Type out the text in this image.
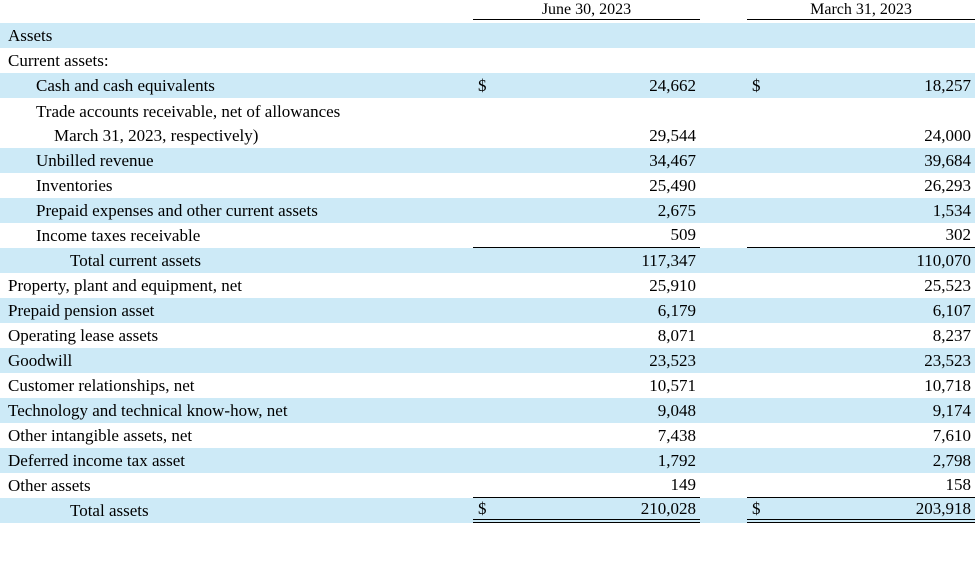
June 30, 2023	March 31, 2023
Assets
Current assets:
Cash and cash equivalents	$	24,662	$	18,257
Trade accounts receivable, net of allowances
March 31, 2023, respectively)	29,544	24,000
Unbilled revenue	34,467	39,684
Inventories	25,490	26,293
Prepaid expenses and other current assets	2,675	1,534
Income taxes receivable	509	302
Total current assets	117,347	110,070
Property, plant and equipment, net	25,910	25,523
Prepaid pension asset	6,179	6,107
Operating lease assets	8,071	8,237
Goodwill	23,523	23,523
Customer relationships, net	10,571	10,718
Technology and technical know-how, net	9,048	9,174
Other intangible assets, net	7,438	7,610
Deferred income tax asset	1,792	2,798
Other assets	149	158
Total assets	$	210,028	$	203,918
